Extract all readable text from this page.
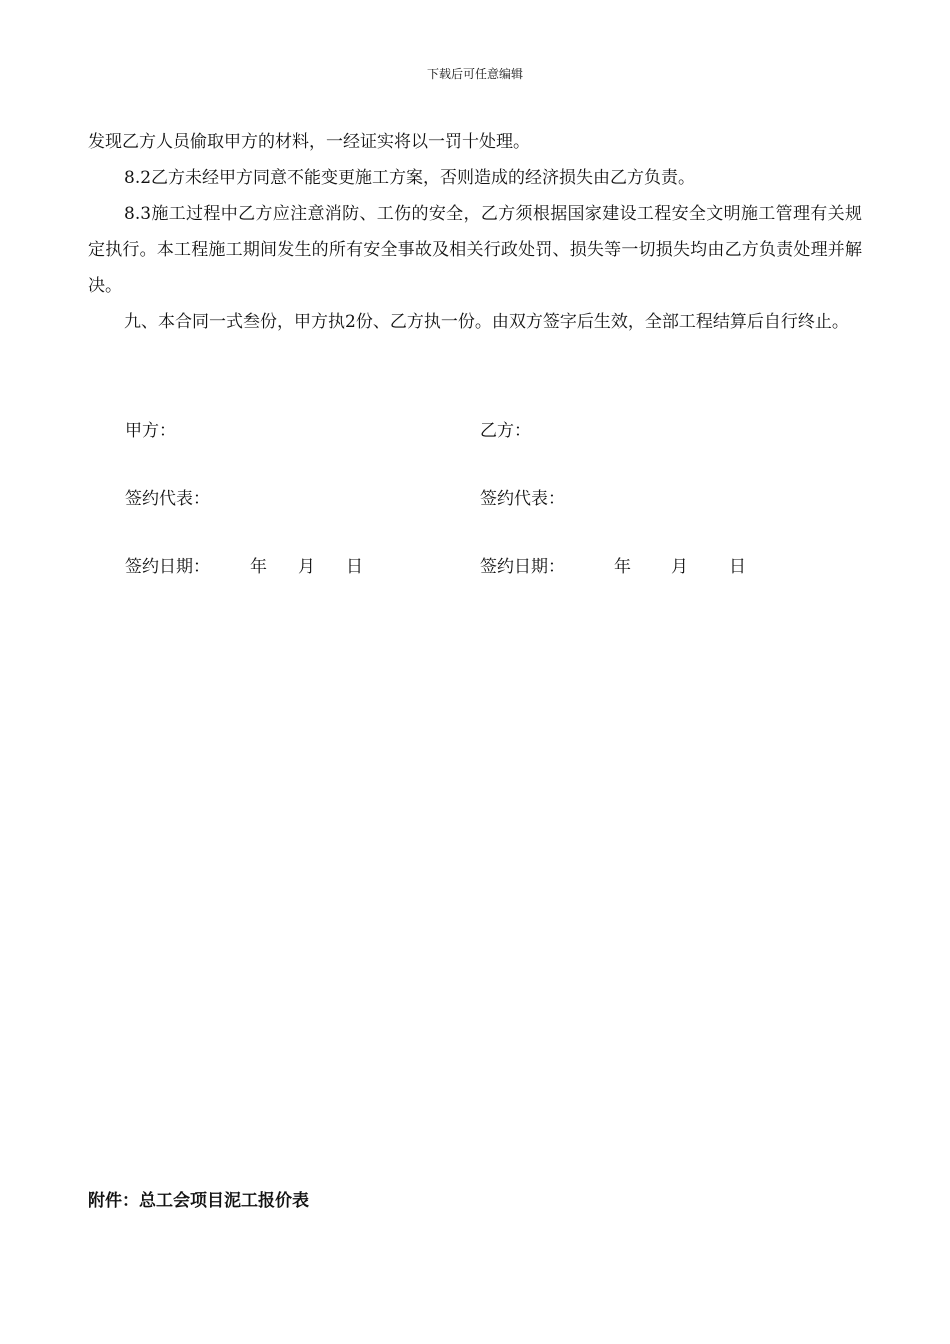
下载后可任意编辑

发现乙方人员偷取甲方的材料，一经证实将以一罚十处理。

8.2乙方未经甲方同意不能变更施工方案，否则造成的经济损失由乙方负责。

8.3施工过程中乙方应注意消防、工伤的安全，乙方须根据国家建设工程安全文明施工管理有关规定执行。本工程施工期间发生的所有安全事故及相关行政处罚、损失等一切损失均由乙方负责处理并解决。

九、本合同一式叁份，甲方执2份、乙方执一份。由双方签字后生效，全部工程结算后自行终止。

甲方：
签约代表：
签约日期： 年 月 日
乙方：
签约代表：
签约日期：	年 月 日
附件：总工会项目泥工报价表
